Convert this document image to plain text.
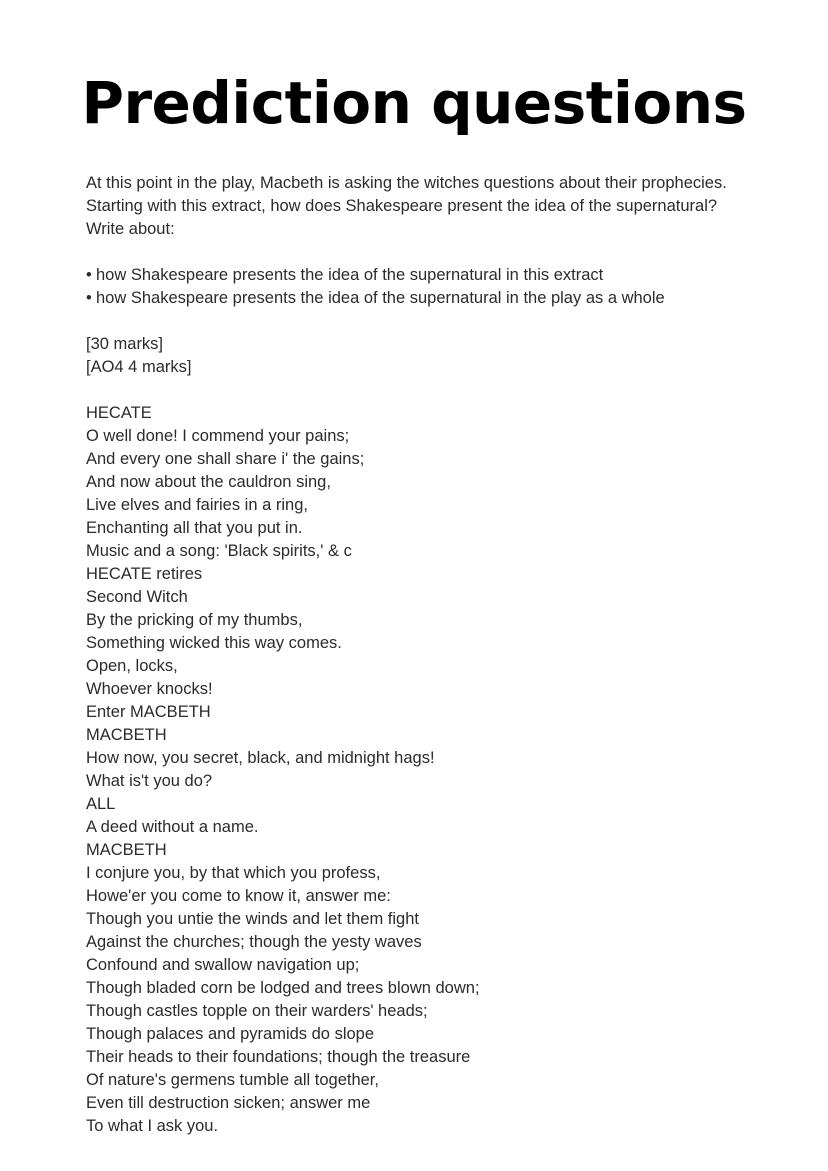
Prediction questions
At this point in the play, Macbeth is asking the witches questions about their prophecies.
Starting with this extract, how does Shakespeare present the idea of the supernatural?
Write about:
• how Shakespeare presents the idea of the supernatural in this extract
• how Shakespeare presents the idea of the supernatural in the play as a whole
[30 marks]
[AO4 4 marks]
HECATE
O well done! I commend your pains;
And every one shall share i' the gains;
And now about the cauldron sing,
Live elves and fairies in a ring,
Enchanting all that you put in.
Music and a song: 'Black spirits,' & c
HECATE retires
Second Witch
By the pricking of my thumbs,
Something wicked this way comes.
Open, locks,
Whoever knocks!
Enter MACBETH
MACBETH
How now, you secret, black, and midnight hags!
What is't you do?
ALL
A deed without a name.
MACBETH
I conjure you, by that which you profess,
Howe'er you come to know it, answer me:
Though you untie the winds and let them fight
Against the churches; though the yesty waves
Confound and swallow navigation up;
Though bladed corn be lodged and trees blown down;
Though castles topple on their warders' heads;
Though palaces and pyramids do slope
Their heads to their foundations; though the treasure
Of nature's germens tumble all together,
Even till destruction sicken; answer me
To what I ask you.
